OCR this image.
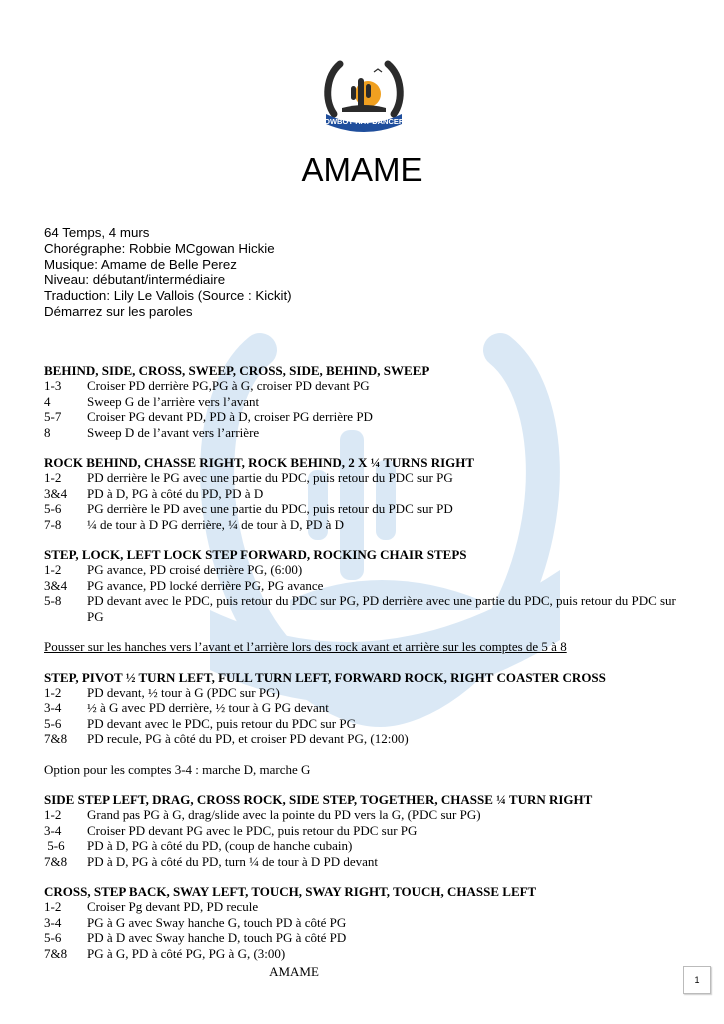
COWBOY HAT DANCERS
AMAME
64 Temps, 4 murs
Chorégraphe: Robbie MCgowan Hickie
Musique: Amame de Belle Perez
Niveau: débutant/intermédiaire
Traduction: Lily Le Vallois (Source : Kickit)
Démarrez sur les paroles
BEHIND, SIDE, CROSS, SWEEP, CROSS, SIDE, BEHIND, SWEEP
1-3	Croiser PD derrière PG,PG à G, croiser PD devant PG
4	Sweep G de l’arrière vers l’avant
5-7	Croiser PG devant PD, PD à D, croiser PG derrière PD
8	Sweep D de l’avant vers l’arrière
ROCK BEHIND, CHASSE RIGHT, ROCK BEHIND, 2 X ¼ TURNS RIGHT
1-2	PD derrière le PG avec une partie du PDC, puis retour du PDC sur PG
3&4	PD à D, PG à côté du PD, PD à D
5-6	PG derrière le PD avec une partie du PDC, puis retour du PDC sur PD
7-8	¼ de tour à D PG derrière, ¼ de tour à D, PD à D
STEP, LOCK, LEFT LOCK STEP FORWARD, ROCKING CHAIR STEPS
1-2	PG avance, PD croisé derrière PG, (6:00)
3&4	PG avance, PD locké derrière PG, PG avance
5-8	PD devant avec le PDC, puis retour du PDC sur PG, PD derrière avec une partie du PDC, puis retour du PDC sur PG
Pousser sur les hanches vers l’avant et l’arrière lors des rock avant et arrière sur les comptes de 5 à 8
STEP, PIVOT ½ TURN LEFT, FULL TURN LEFT, FORWARD ROCK, RIGHT COASTER CROSS
1-2	PD devant, ½ tour à G (PDC sur PG)
3-4	½ à G avec PD derrière, ½ tour à G PG devant
5-6	PD devant avec le PDC, puis retour du PDC sur PG
7&8	PD recule, PG à côté du PD, et croiser PD devant PG, (12:00)
Option pour les comptes 3-4 : marche D, marche G
SIDE STEP LEFT, DRAG, CROSS ROCK, SIDE STEP, TOGETHER, CHASSE ¼ TURN RIGHT
1-2	Grand pas PG à G, drag/slide avec la pointe du PD vers la G, (PDC sur PG)
3-4	Croiser PD devant PG avec le PDC, puis retour du PDC sur PG
5-6	PD à D, PG à côté du PD, (coup de hanche cubain)
7&8	PD à D, PG à côté du PD, turn ¼ de tour à D PD devant
CROSS, STEP BACK, SWAY LEFT, TOUCH, SWAY RIGHT, TOUCH, CHASSE LEFT
1-2	Croiser Pg devant PD, PD recule
3-4	PG à G avec Sway hanche G, touch PD à côté PG
5-6	PD à D avec Sway hanche D, touch PG à côté PD
7&8	PG à G, PD à côté PG, PG à G, (3:00)
AMAME
1
